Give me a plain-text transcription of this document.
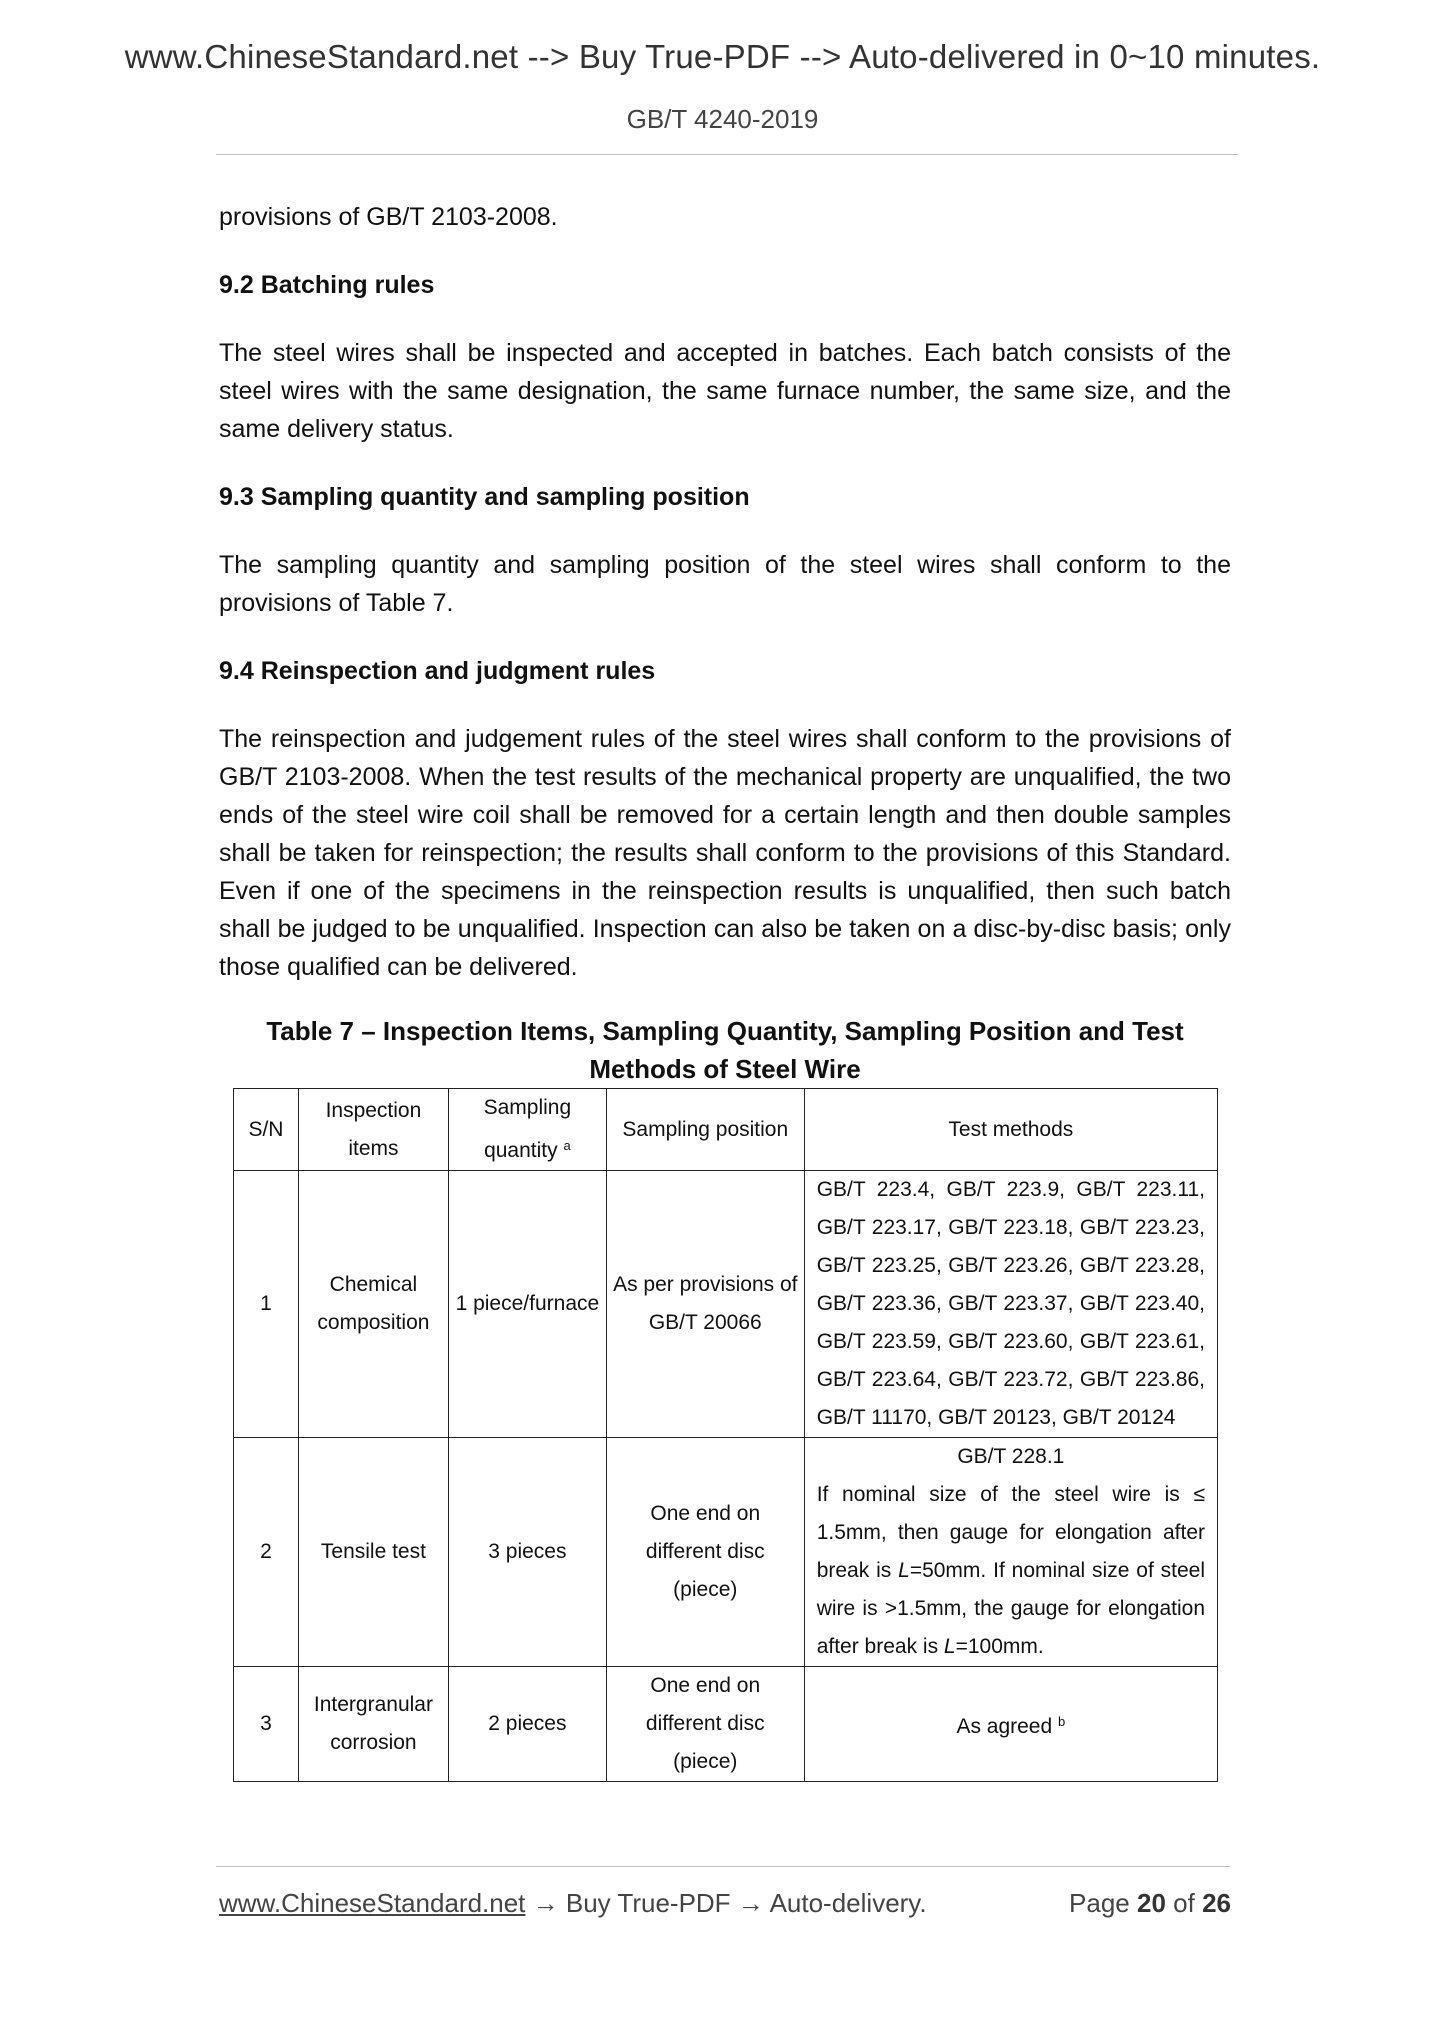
www.ChineseStandard.net --> Buy True-PDF --> Auto-delivered in 0~10 minutes.
GB/T 4240-2019

provisions of GB/T 2103-2008.

9.2 Batching rules

The steel wires shall be inspected and accepted in batches. Each batch consists of the steel wires with the same designation, the same furnace number, the same size, and the same delivery status.

9.3 Sampling quantity and sampling position

The sampling quantity and sampling position of the steel wires shall conform to the provisions of Table 7.

9.4 Reinspection and judgment rules

The reinspection and judgement rules of the steel wires shall conform to the provisions of GB/T 2103-2008. When the test results of the mechanical property are unqualified, the two ends of the steel wire coil shall be removed for a certain length and then double samples shall be taken for reinspection; the results shall conform to the provisions of this Standard. Even if one of the specimens in the reinspection results is unqualified, then such batch shall be judged to be unqualified. Inspection can also be taken on a disc-by-disc basis; only those qualified can be delivered.

Table 7 – Inspection Items, Sampling Quantity, Sampling Position and Test Methods of Steel Wire
S/N	Inspection items	Sampling quantity $^a$	Sampling position	Test methods
1	Chemical composition	1 piece/furnace	As per provisions of GB/T 20066	GB/T 223.4, GB/T 223.9, GB/T 223.11, GB/T 223.17, GB/T 223.18, GB/T 223.23, GB/T 223.25, GB/T 223.26, GB/T 223.28, GB/T 223.36, GB/T 223.37, GB/T 223.40, GB/T 223.59, GB/T 223.60, GB/T 223.61, GB/T 223.64, GB/T 223.72, GB/T 223.86, GB/T 11170, GB/T 20123, GB/T 20124
2	Tensile test	3 pieces	One end on different disc (piece)	GB/T 228.1
If nominal size of the steel wire is ≤ 1.5mm, then gauge for elongation after break is L=50mm. If nominal size of steel wire is >1.5mm, the gauge for elongation after break is L=100mm.

3	Intergranular corrosion	2 pieces	One end on different disc (piece)	As agreed $^b$
www.ChineseStandard.net → Buy True-PDF → Auto-delivery.	Page 20 of 26
